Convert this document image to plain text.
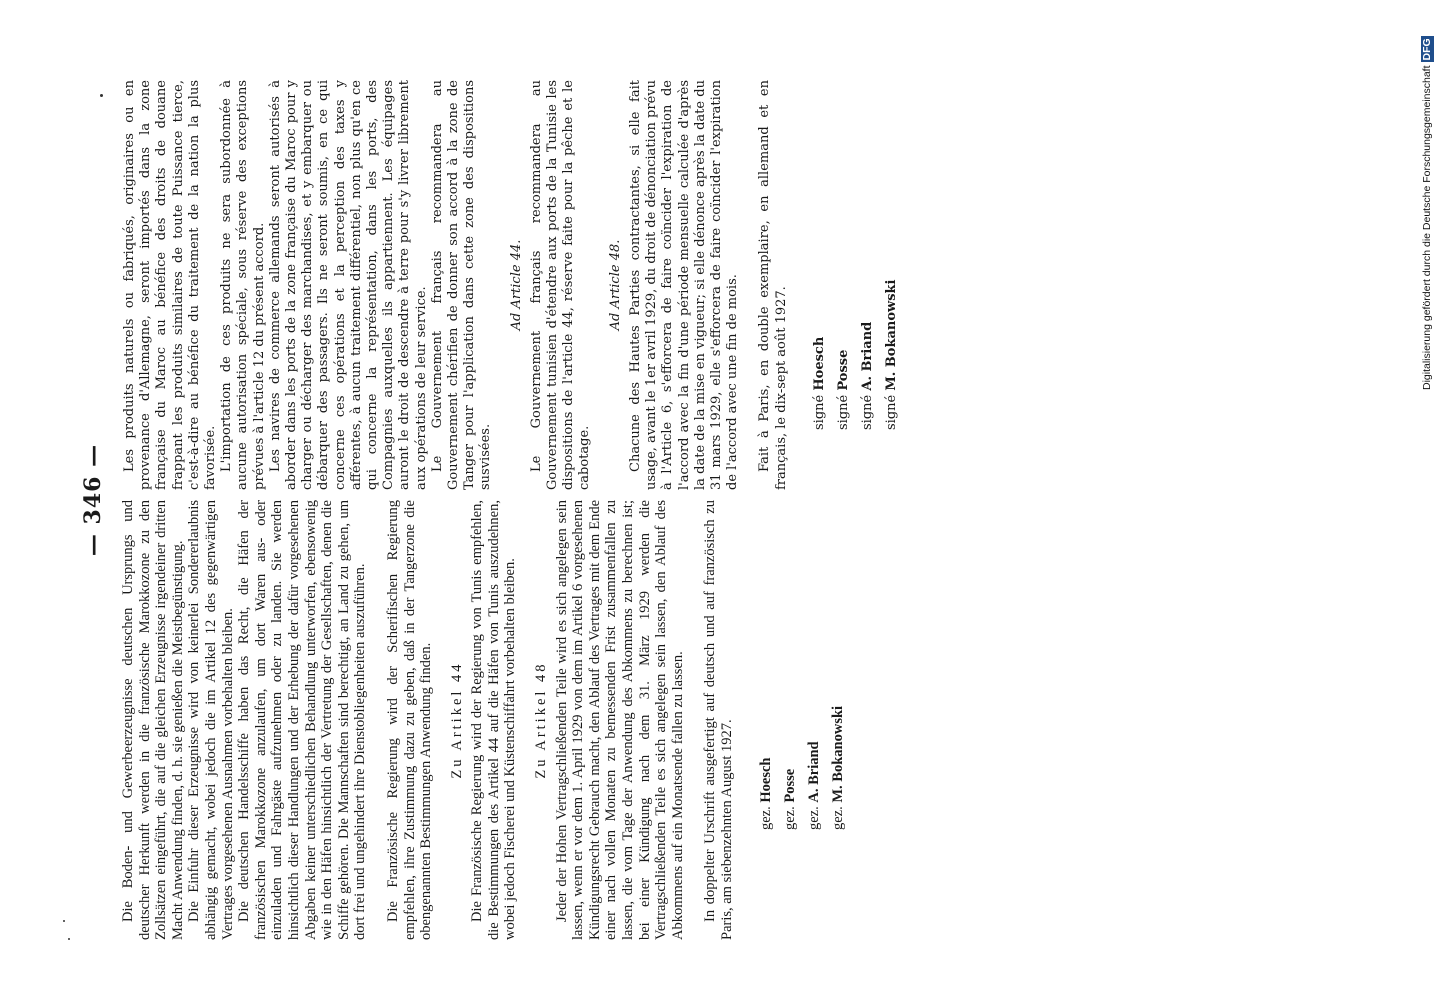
— 346 — Die Boden- und Gewerbeerzeugnisse deutschen Ursprungs und deutscher Herkunft werden in die französische Marokkozone zu den Zollsätzen eingeführt, die auf die gleichen Erzeugnisse irgendeiner dritten Macht Anwendung finden, d. h. sie genießen die Meistbegünstigung. Die Einfuhr dieser Erzeugnisse wird von keinerlei Sondererlaubnis abhängig gemacht, wobei jedoch die im Artikel 12 des gegenwärtigen Vertrages vorgesehenen Ausnahmen vorbehalten bleiben. Die deutschen Handelsschiffe haben das Recht, die Häfen der französischen Marokkozone anzulaufen, um dort Waren aus- oder einzuladen und Fahrgäste aufzunehmen oder zu landen. Sie werden hinsichtlich dieser Handlungen und der Erhebung der dafür vorgesehenen Abgaben keiner unterschiedlichen Behandlung unterworfen, ebensowenig wie in den Häfen hinsichtlich der Vertretung der Gesellschaften, denen die Schiffe gehören. Die Mannschaften sind berechtigt, an Land zu gehen, um dort frei und ungehindert ihre Dienstobliegenheiten auszuführen. Die Französische Regierung wird der Scherifischen Regierung empfehlen, ihre Zustimmung dazu zu geben, daß in der Tangerzone die obengenannten Bestimmungen Anwendung finden. Zu Artikel 44 Die Französische Regierung wird der Regierung von Tunis empfehlen, die Bestimmungen des Artikel 44 auf die Häfen von Tunis auszudehnen, wobei jedoch Fischerei und Küstenschiffahrt vorbehalten bleiben. Zu Artikel 48 Jeder der Hohen Vertragschließenden Teile wird es sich angelegen sein lassen, wenn er vor dem 1. April 1929 von dem im Artikel 6 vorgesehenen Kündigungsrecht Gebrauch macht, den Ablauf des Vertrages mit dem Ende einer nach vollen Monaten zu bemessenden Frist zusammenfallen zu lassen, die vom Tage der Anwendung des Abkommens zu berechnen ist; bei einer Kündigung nach dem 31. März 1929 werden die Vertragschließenden Teile es sich angelegen sein lassen, den Ablauf des Abkommens auf ein Monatsende fallen zu lassen. In doppelter Urschrift ausgefertigt auf deutsch und auf französisch zu Paris, am siebenzehnten August 1927. gez. Hoesch
gez. Posse
gez. A. Briand
gez. M. Bokanowski

Les produits naturels ou fabriqués, originaires ou en provenance d'Allemagne, seront importés dans la zone française du Maroc au bénéfice des droits de douane frappant les produits similaires de toute Puissance tierce, c'est-à-dire au bénéfice du traitement de la nation la plus favorisée. L'importation de ces produits ne sera subordonnée à aucune autorisation spéciale, sous réserve des exceptions prévues à l'article 12 du présent accord. Les navires de commerce allemands seront autorisés à aborder dans les ports de la zone française du Maroc pour y charger ou décharger des marchandises, et y embarquer ou débarquer des passagers. Ils ne seront soumis, en ce qui concerne ces opérations et la perception des taxes y afférentes, à aucun traitement différentiel, non plus qu'en ce qui concerne la représentation, dans les ports, des Compagnies auxquelles ils appartiennent. Les équipages auront le droit de descendre à terre pour s'y livrer librement aux opérations de leur service. Le Gouvernement français recommandera au Gouvernement chérifien de donner son accord à la zone de Tanger pour l'application dans cette zone des dispositions susvisées.

Ad Article 44. Le Gouvernement français recommandera au Gouvernement tunisien d'étendre aux ports de la Tunisie les dispositions de l'article 44, réserve faite pour la pêche et le cabotage.

Ad Article 48. Chacune des Hautes Parties contractantes, si elle fait usage, avant le 1er avril 1929, du droit de dénonciation prévu à l'Article 6, s'efforcera de faire coïncider l'expiration de l'accord avec la fin d'une période mensuelle calculée d'après la date de la mise en vigueur; si elle dénonce après la date du 31 mars 1929, elle s'efforcera de faire coïncider l'expiration de l'accord avec une fin de mois. Fait à Paris, en double exemplaire, en allemand et en français, le dix-sept août 1927.	signé Hoesch
signé Posse
signé A. Briand
signé M. Bokanowski	Digitalisierung gefördert durch die Deutsche ForschungsgemeinschaftDFG
